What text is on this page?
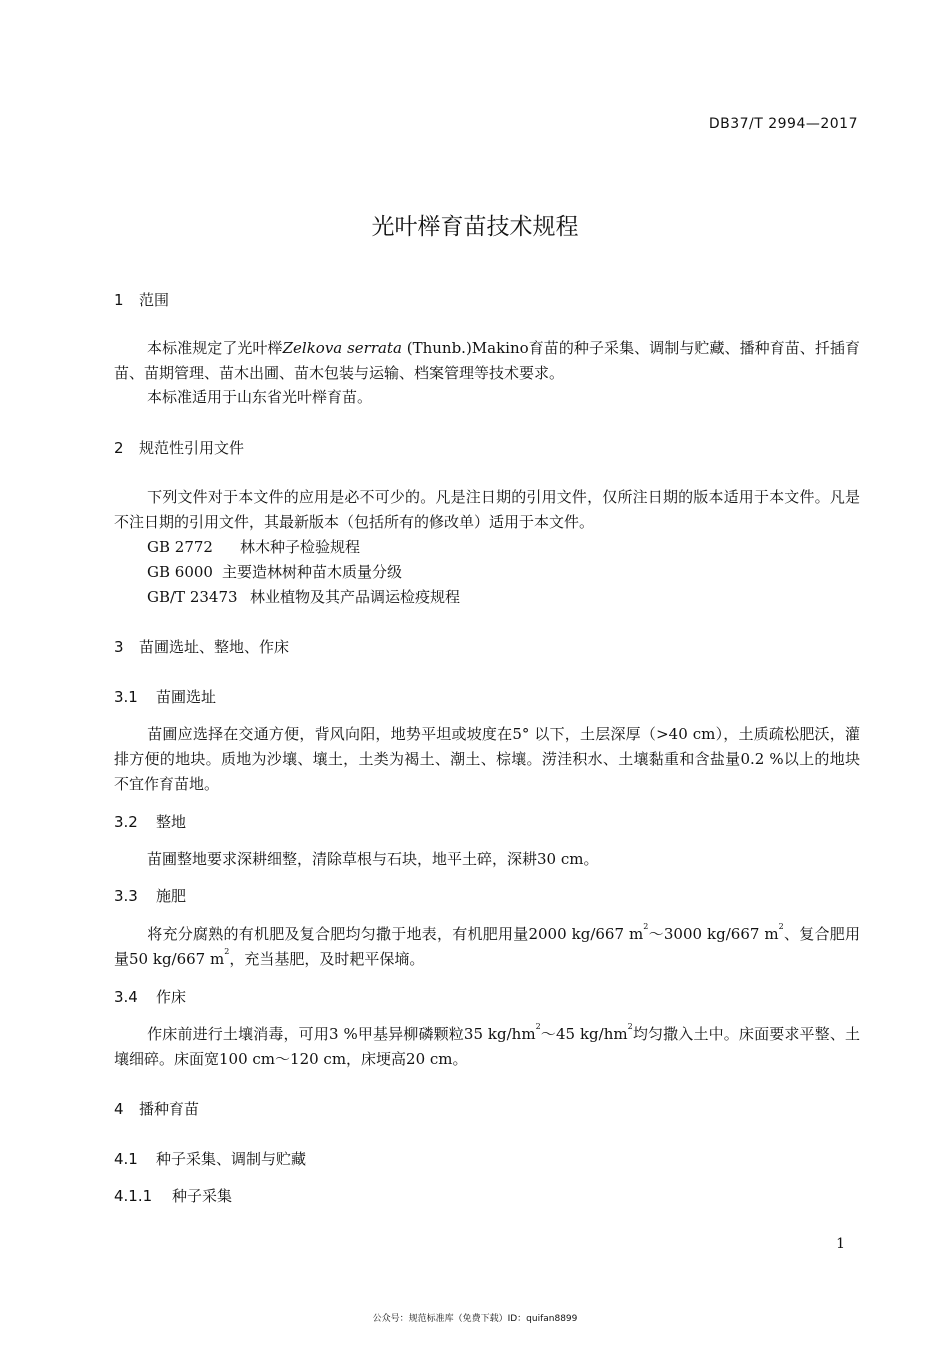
DB37/T 2994—2017
光叶榉育苗技术规程
1 范围
本标准规定了光叶榉Zelkova serrata (Thunb.)Makino育苗的种子采集、调制与贮藏、播种育苗、扦插育苗、苗期管理、苗木出圃、苗木包装与运输、档案管理等技术要求。
本标准适用于山东省光叶榉育苗。
2 规范性引用文件
下列文件对于本文件的应用是必不可少的。凡是注日期的引用文件，仅所注日期的版本适用于本文件。凡是不注日期的引用文件，其最新版本（包括所有的修改单）适用于本文件。
GB 2772 林木种子检验规程
GB 6000 主要造林树种苗木质量分级
GB/T 23473 林业植物及其产品调运检疫规程
3 苗圃选址、整地、作床
3.1 苗圃选址
苗圃应选择在交通方便，背风向阳，地势平坦或坡度在5° 以下，土层深厚（>40 cm），土质疏松肥沃，灌排方便的地块。质地为沙壤、壤土，土类为褐土、潮土、棕壤。涝洼积水、土壤黏重和含盐量0.2 %以上的地块不宜作育苗地。
3.2 整地
苗圃整地要求深耕细整，清除草根与石块，地平土碎，深耕30 cm。
3.3 施肥
将充分腐熟的有机肥及复合肥均匀撒于地表，有机肥用量2000 kg/667 $m^2\sim 3000$ kg/667 $m^2$、复合肥用量50 kg/667 $m^2$，充当基肥，及时耙平保墒。
3.4 作床
作床前进行土壤消毒，可用3 %甲基异柳磷颗粒35 $kg/hm^2\sim 45$ $kg/hm^2$均匀撒入土中。床面要求平整、土壤细碎。床面宽100 cm～120 cm，床埂高20 cm。
4 播种育苗
4.1 种子采集、调制与贮藏
4.1.1 种子采集
1
公众号：规范标准库（免费下载）ID：quifan8899
